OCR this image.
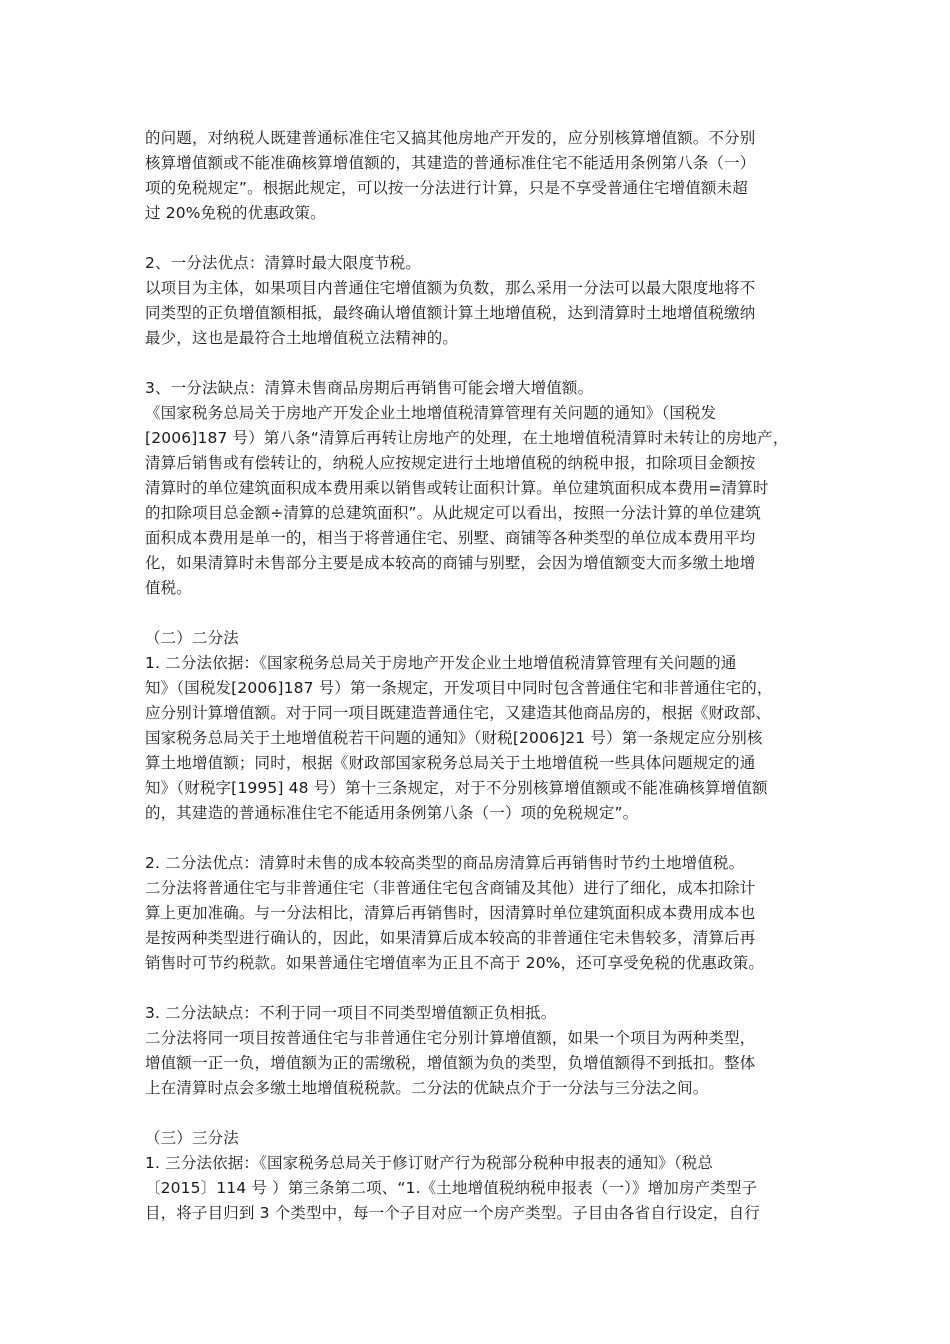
的问题，对纳税人既建普通标准住宅又搞其他房地产开发的，应分别核算增值额。不分别
核算增值额或不能准确核算增值额的，其建造的普通标准住宅不能适用条例第八条（一）
项的免税规定”。根据此规定，可以按一分法进行计算，只是不享受普通住宅增值额未超
过 20%免税的优惠政策。
2、一分法优点：清算时最大限度节税。
以项目为主体，如果项目内普通住宅增值额为负数，那么采用一分法可以最大限度地将不
同类型的正负增值额相抵，最终确认增值额计算土地增值税，达到清算时土地增值税缴纳
最少，这也是最符合土地增值税立法精神的。
3、一分法缺点：清算未售商品房期后再销售可能会增大增值额。
《国家税务总局关于房地产开发企业土地增值税清算管理有关问题的通知》（国税发
[2006]187 号）第八条“清算后再转让房地产的处理，在土地增值税清算时未转让的房地产，
清算后销售或有偿转让的，纳税人应按规定进行土地增值税的纳税申报，扣除项目金额按
清算时的单位建筑面积成本费用乘以销售或转让面积计算。单位建筑面积成本费用=清算时
的扣除项目总金额÷清算的总建筑面积”。从此规定可以看出，按照一分法计算的单位建筑
面积成本费用是单一的，相当于将普通住宅、别墅、商铺等各种类型的单位成本费用平均
化，如果清算时未售部分主要是成本较高的商铺与别墅，会因为增值额变大而多缴土地增
值税。
（二）二分法
1. 二分法依据：《国家税务总局关于房地产开发企业土地增值税清算管理有关问题的通
知》（国税发[2006]187 号）第一条规定，开发项目中同时包含普通住宅和非普通住宅的，
应分别计算增值额。对于同一项目既建造普通住宅，又建造其他商品房的，根据《财政部、
国家税务总局关于土地增值税若干问题的通知》（财税[2006]21 号）第一条规定应分别核
算土地增值额；同时，根据《财政部国家税务总局关于土地增值税一些具体问题规定的通
知》（财税字[1995] 48 号）第十三条规定，对于不分别核算增值额或不能准确核算增值额
的，其建造的普通标准住宅不能适用条例第八条（一）项的免税规定”。
2. 二分法优点：清算时未售的成本较高类型的商品房清算后再销售时节约土地增值税。
二分法将普通住宅与非普通住宅（非普通住宅包含商铺及其他）进行了细化，成本扣除计
算上更加准确。与一分法相比，清算后再销售时，因清算时单位建筑面积成本费用成本也
是按两种类型进行确认的，因此，如果清算后成本较高的非普通住宅未售较多，清算后再
销售时可节约税款。如果普通住宅增值率为正且不高于 20%，还可享受免税的优惠政策。
3. 二分法缺点：不利于同一项目不同类型增值额正负相抵。
二分法将同一项目按普通住宅与非普通住宅分别计算增值额，如果一个项目为两种类型，
增值额一正一负，增值额为正的需缴税，增值额为负的类型，负增值额得不到抵扣。整体
上在清算时点会多缴土地增值税税款。二分法的优缺点介于一分法与三分法之间。
（三）三分法
1. 三分法依据：《国家税务总局关于修订财产行为税部分税种申报表的通知》（税总
〔2015〕114 号 ）第三条第二项、“1.《土地增值税纳税申报表（一）》增加房产类型子
目，将子目归到 3 个类型中，每一个子目对应一个房产类型。子目由各省自行设定，自行
